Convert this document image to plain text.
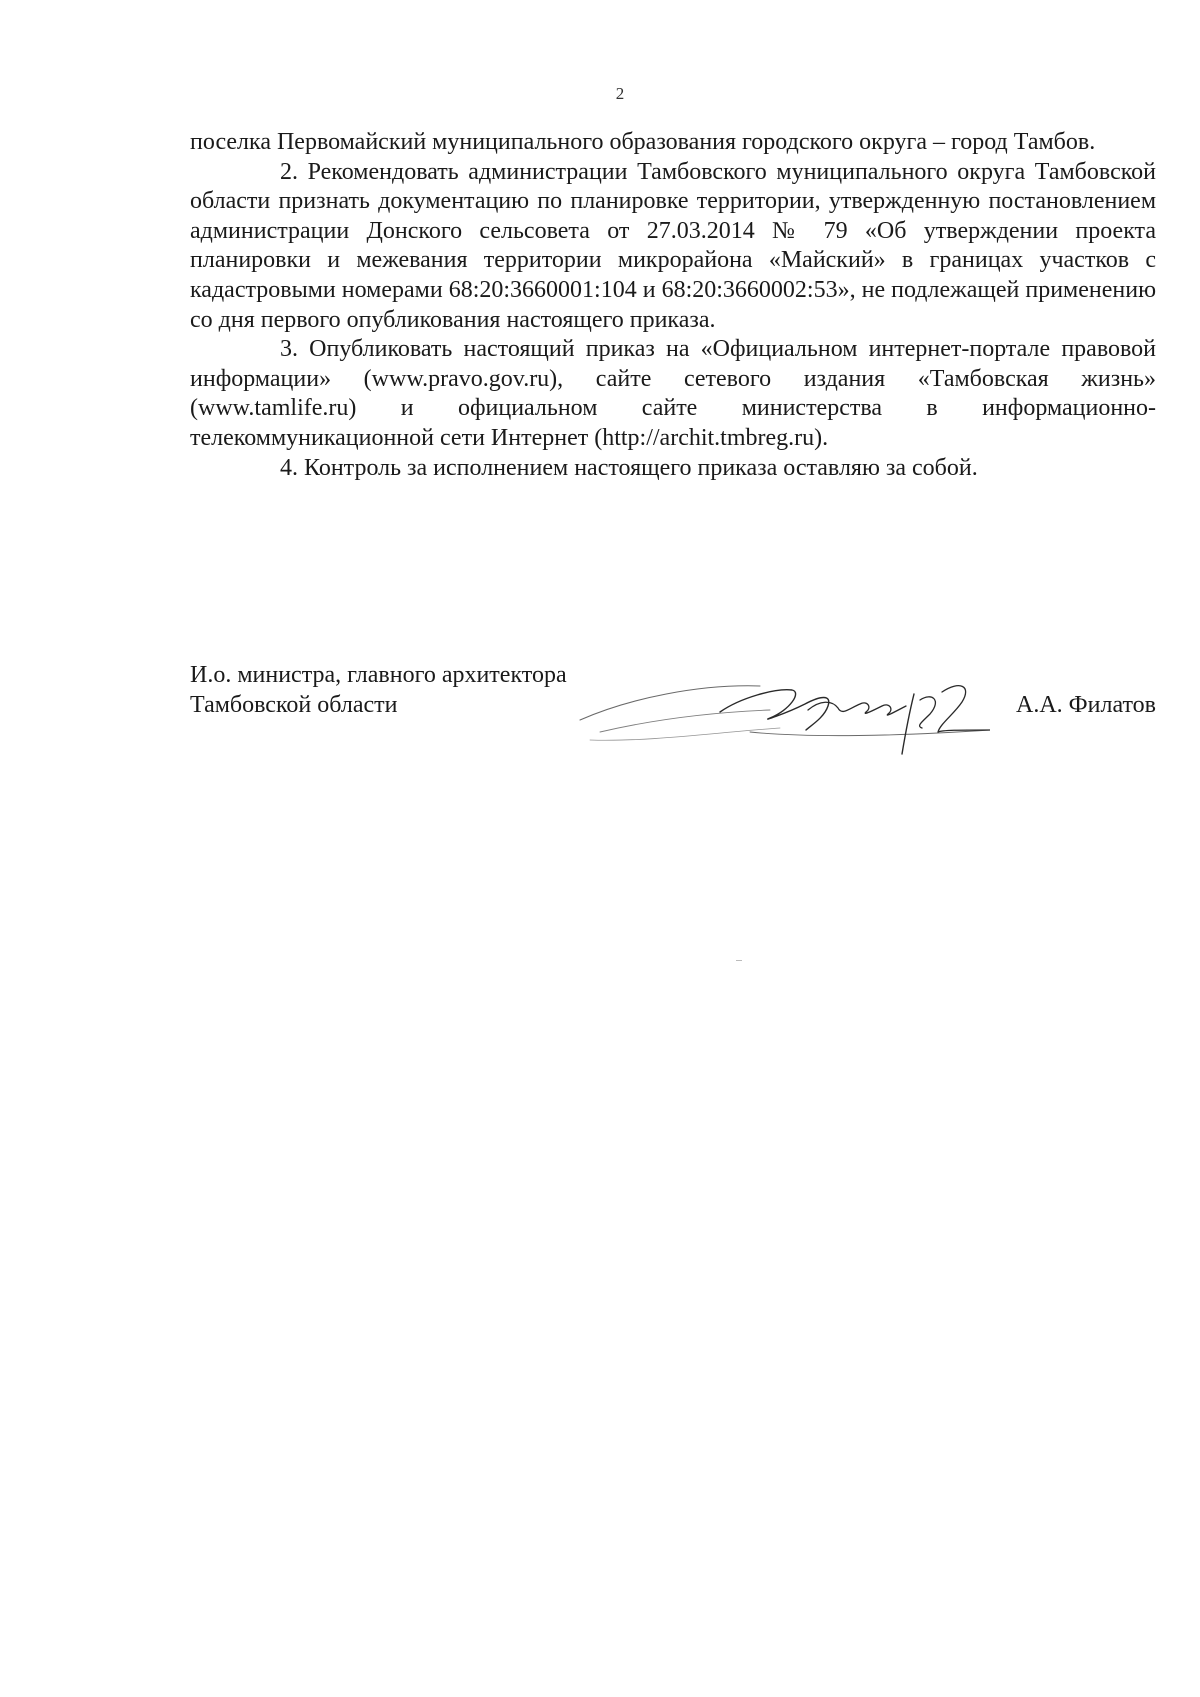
2

поселка Первомайский муниципального образования городского округа – город Тамбов.

2. Рекомендовать администрации Тамбовского муниципального округа Тамбовской области признать документацию по планировке территории, утвержденную постановлением администрации Донского сельсовета от 27.03.2014 № 79 «Об утверждении проекта планировки и межевания территории микрорайона «Майский» в границах участков с кадастровыми номерами 68:20:3660001:104 и 68:20:3660002:53», не подлежащей применению со дня первого опубликования настоящего приказа.

3. Опубликовать настоящий приказ на «Официальном интернет-портале правовой информации» (www.pravo.gov.ru), сайте сетевого издания «Тамбовская жизнь» (www.tamlife.ru) и официальном сайте министерства в информационно-телекоммуникационной сети Интернет (http://archit.tmbreg.ru).

4. Контроль за исполнением настоящего приказа оставляю за собой.

И.о. министра, главного архитектора
Тамбовской области	А.А. Филатов
